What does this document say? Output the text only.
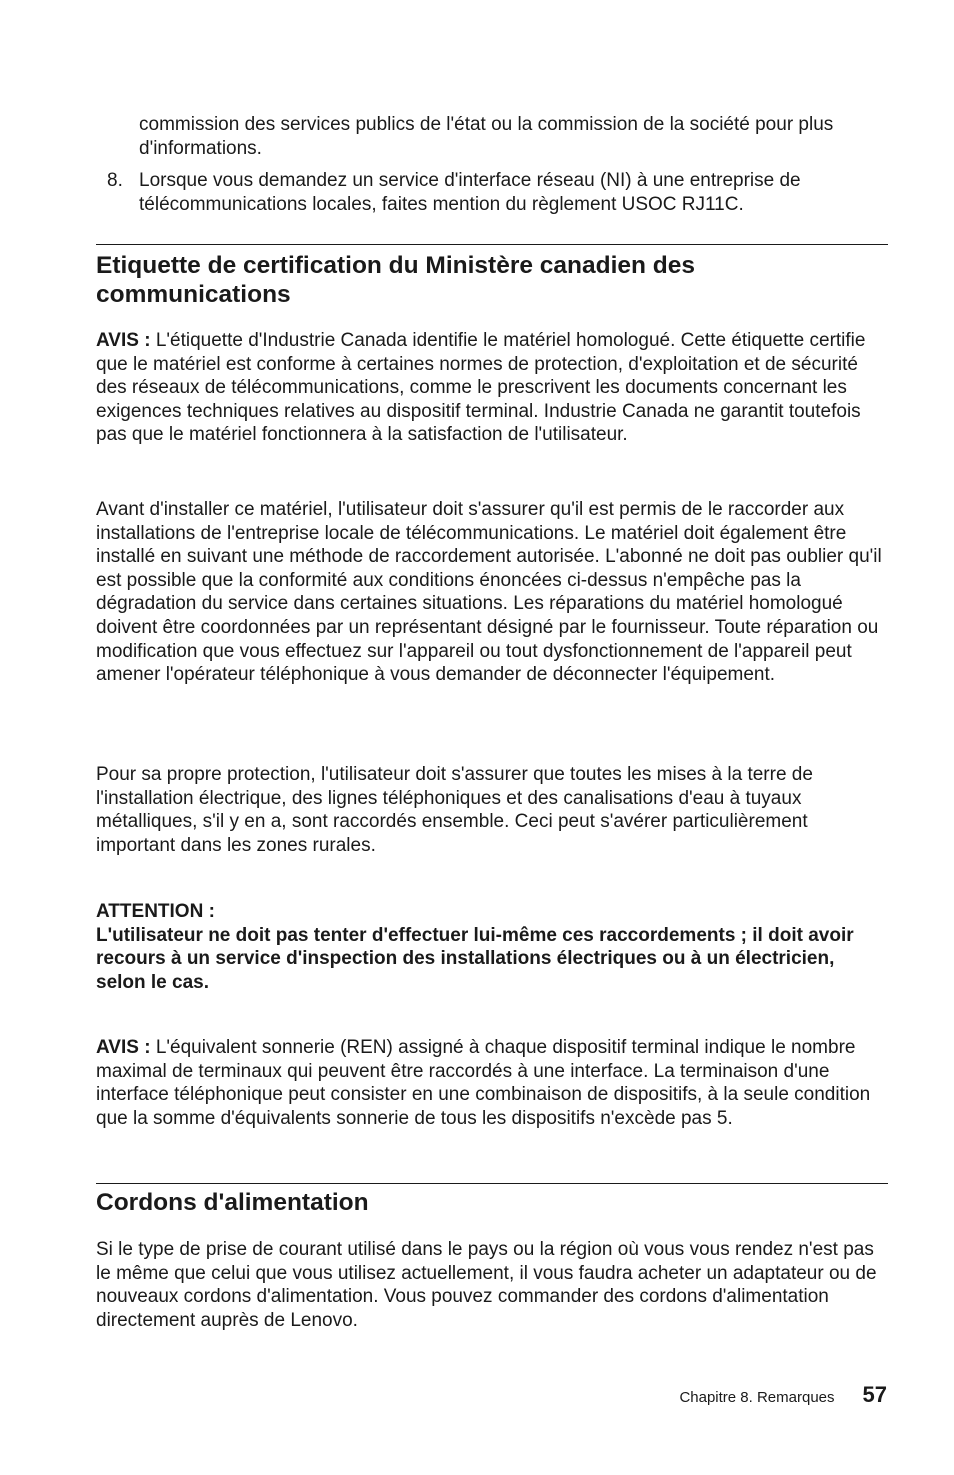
commission des services publics de l'état ou la commission de la société pour plus d'informations.
8. Lorsque vous demandez un service d'interface réseau (NI) à une entreprise de télécommunications locales, faites mention du règlement USOC RJ11C.
Etiquette de certification du Ministère canadien des communications

AVIS : L'étiquette d'Industrie Canada identifie le matériel homologué. Cette étiquette certifie que le matériel est conforme à certaines normes de protection, d'exploitation et de sécurité des réseaux de télécommunications, comme le prescrivent les documents concernant les exigences techniques relatives au dispositif terminal. Industrie Canada ne garantit toutefois pas que le matériel fonctionnera à la satisfaction de l'utilisateur.

Avant d'installer ce matériel, l'utilisateur doit s'assurer qu'il est permis de le raccorder aux installations de l'entreprise locale de télécommunications. Le matériel doit également être installé en suivant une méthode de raccordement autorisée. L'abonné ne doit pas oublier qu'il est possible que la conformité aux conditions énoncées ci-dessus n'empêche pas la dégradation du service dans certaines situations. Les réparations du matériel homologué doivent être coordonnées par un représentant désigné par le fournisseur. Toute réparation ou modification que vous effectuez sur l'appareil ou tout dysfonctionnement de l'appareil peut amener l'opérateur téléphonique à vous demander de déconnecter l'équipement.

Pour sa propre protection, l'utilisateur doit s'assurer que toutes les mises à la terre de l'installation électrique, des lignes téléphoniques et des canalisations d'eau à tuyaux métalliques, s'il y en a, sont raccordés ensemble. Ceci peut s'avérer particulièrement important dans les zones rurales.

ATTENTION :
L'utilisateur ne doit pas tenter d'effectuer lui-même ces raccordements ; il doit avoir recours à un service d'inspection des installations électriques ou à un électricien, selon le cas.

AVIS : L'équivalent sonnerie (REN) assigné à chaque dispositif terminal indique le nombre maximal de terminaux qui peuvent être raccordés à une interface. La terminaison d'une interface téléphonique peut consister en une combinaison de dispositifs, à la seule condition que la somme d'équivalents sonnerie de tous les dispositifs n'excède pas 5.

Cordons d'alimentation

Si le type de prise de courant utilisé dans le pays ou la région où vous vous rendez n'est pas le même que celui que vous utilisez actuellement, il vous faudra acheter un adaptateur ou de nouveaux cordons d'alimentation. Vous pouvez commander des cordons d'alimentation directement auprès de Lenovo.

Chapitre 8. Remarques 57
